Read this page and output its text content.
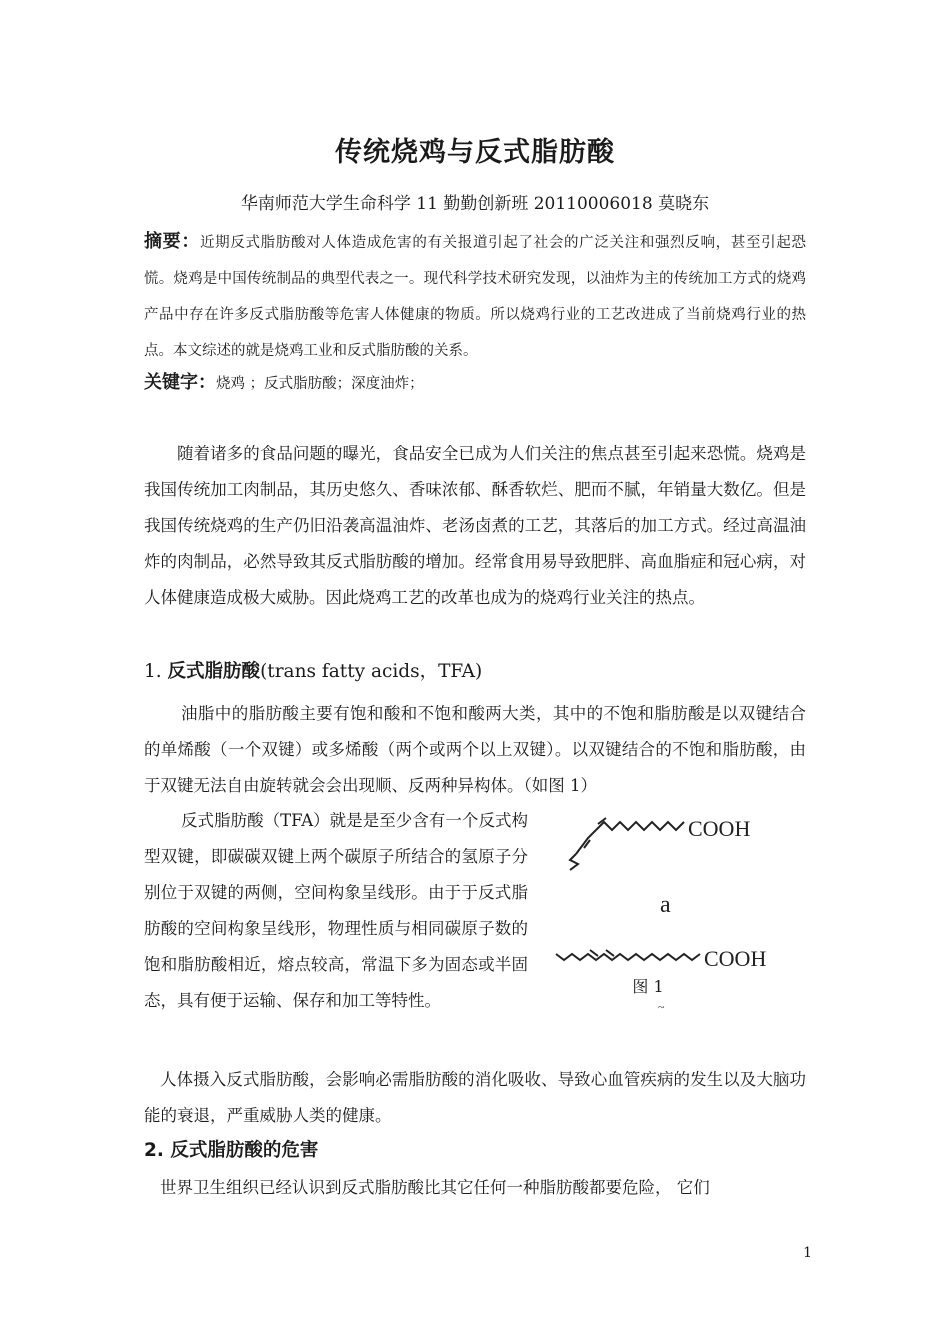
传统烧鸡与反式脂肪酸
华南师范大学生命科学 11 勤勤创新班 20110006018 莫晓东
摘要：近期反式脂肪酸对人体造成危害的有关报道引起了社会的广泛关注和强烈反响，甚至引起恐慌。烧鸡是中国传统制品的典型代表之一。现代科学技术研究发现，以油炸为主的传统加工方式的烧鸡产品中存在许多反式脂肪酸等危害人体健康的物质。所以烧鸡行业的工艺改进成了当前烧鸡行业的热点。本文综述的就是烧鸡工业和反式脂肪酸的关系。
关键字：烧鸡 ；反式脂肪酸；深度油炸；
随着诸多的食品问题的曝光，食品安全已成为人们关注的焦点甚至引起来恐慌。烧鸡是我国传统加工肉制品，其历史悠久、香味浓郁、酥香软烂、肥而不腻，年销量大数亿。但是我国传统烧鸡的生产仍旧沿袭高温油炸、老汤卤煮的工艺，其落后的加工方式。经过高温油炸的肉制品，必然导致其反式脂肪酸的增加。经常食用易导致肥胖、高血脂症和冠心病，对人体健康造成极大威胁。因此烧鸡工艺的改革也成为的烧鸡行业关注的热点。
1. 反式脂肪酸(trans fatty acids，TFA)
油脂中的脂肪酸主要有饱和酸和不饱和酸两大类，其中的不饱和脂肪酸是以双键结合的单烯酸（一个双键）或多烯酸（两个或两个以上双键）。以双键结合的不饱和脂肪酸，由于双键无法自由旋转就会会出现顺、反两种异构体。（如图 1）
反式脂肪酸（TFA）就是是至少含有一个反式构型双键，即碳碳双键上两个碳原子所结合的氢原子分别位于双键的两侧，空间构象呈线形。由于于反式脂肪酸的空间构象呈线形，物理性质与相同碳原子数的饱和脂肪酸相近，熔点较高，常温下多为固态或半固态，具有便于运输、保存和加工等特性。
COOH
a
COOH
~
图 1
人体摄入反式脂肪酸，会影响必需脂肪酸的消化吸收、导致心血管疾病的发生以及大脑功能的衰退，严重威胁人类的健康。
2. 反式脂肪酸的危害
世界卫生组织已经认识到反式脂肪酸比其它任何一种脂肪酸都要危险， 它们
1
